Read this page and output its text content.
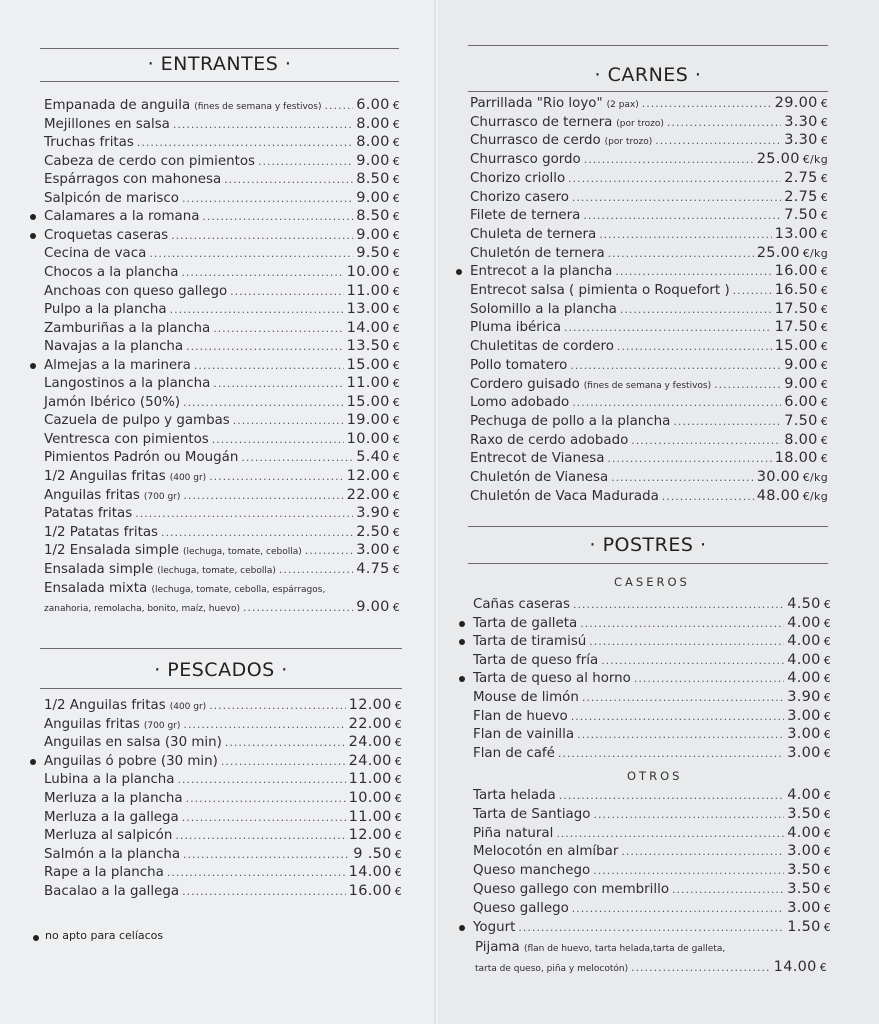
· ENTRANTES ·
Empanada de anguila (fines de semana y festivos) ..... 6.00 €
Mejillones en salsa .....	8.00 €
Truchas fritas .....	8.00 €
Cabeza de cerdo con pimientos .....	9.00 €
Espárragos con mahonesa .....	8.50 €
Salpicón de marisco .....	9.00 €
Calamares a la romana .....	8.50 €
Croquetas caseras .....	9.00 €
Cecina de vaca .....	9.50 €
Chocos a la plancha .....	10.00 €
Anchoas con queso gallego .....	11.00 €
Pulpo a la plancha .....	13.00 €
Zamburiñas a la plancha .....	14.00 €
Navajas a la plancha .....	13.50 €
Almejas a la marinera .....	15.00 €
Langostinos a la plancha .....	11.00 €
Jamón Ibérico (50%) .....	15.00 €
Cazuela de pulpo y gambas .....	19.00 €
Ventresca con pimientos .....	10.00 €
Pimientos Padrón ou Mougán .....	5.40 €
1/2 Anguilas fritas (400 gr) .....	12.00 €
Anguilas fritas (700 gr) .....	22.00 €
Patatas fritas .....	3.90 €
1/2 Patatas fritas .....	2.50 €
1/2 Ensalada simple (lechuga, tomate, cebolla) .....	3.00 €
Ensalada simple (lechuga, tomate, cebolla) .....	4.75 €
Ensalada mixta (lechuga, tomate, cebolla, espárragos,
zanahoria, remolacha, bonito, maíz, huevo) .....	9.00 €
· PESCADOS ·
1/2 Anguilas fritas (400 gr) .....	12.00 €
Anguilas fritas (700 gr) .....	22.00 €
Anguilas en salsa (30 min) .....	24.00 €
Anguilas ó pobre (30 min) .....	24.00 €
Lubina a la plancha .....	11.00 €
Merluza a la plancha .....	10.00 €
Merluza a la gallega .....	11.00 €
Merluza al salpicón .....	12.00 €
Salmón a la plancha .....	9 .50 €
Rape a la plancha .....	14.00 €
Bacalao a la gallega .....	16.00 €
no apto para celíacos
· CARNES ·
Parrillada "Rio loyo" (2 pax) .....	29.00 €
Churrasco de ternera (por trozo) .....	3.30 €
Churrasco de cerdo (por trozo) .....	3.30 €
Churrasco gordo .....	25.00 €/kg
Chorizo criollo .....	2.75 €
Chorizo casero .....	2.75 €
Filete de ternera .....	7.50 €
Chuleta de ternera .....	13.00 €
Chuletón de ternera .....	25.00 €/kg
Entrecot a la plancha .....	16.00 €
Entrecot salsa ( pimienta o Roquefort ) .....	16.50 €
Solomillo a la plancha .....	17.50 €
Pluma ibérica .....	17.50 €
Chuletitas de cordero .....	15.00 €
Pollo tomatero .....	9.00 €
Cordero guisado (fines de semana y festivos) .....	9.00 €
Lomo adobado .....	6.00 €
Pechuga de pollo a la plancha .....	7.50 €
Raxo de cerdo adobado .....	8.00 €
Entrecot de Vianesa .....	18.00 €
Chuletón de Vianesa .....	30.00 €/kg
Chuletón de Vaca Madurada .....	48.00 €/kg
· POSTRES ·
CASEROS
Cañas caseras .....	4.50 €
Tarta de galleta .....	4.00 €
Tarta de tiramisú .....	4.00 €
Tarta de queso fría .....	4.00 €
Tarta de queso al horno .....	4.00 €
Mouse de limón .....	3.90 €
Flan de huevo .....	3.00 €
Flan de vainilla .....	3.00 €
Flan de café .....	3.00 €
OTROS
Tarta helada .....	4.00 €
Tarta de Santiago .....	3.50 €
Piña natural .....	4.00 €
Melocotón en almíbar .....	3.00 €
Queso manchego .....	3.50 €
Queso gallego con membrillo .....	3.50 €
Queso gallego .....	3.00 €
Yogurt .....	1.50 €
Pijama (flan de huevo, tarta helada,tarta de galleta,
tarta de queso, piña y melocotón) .....	14.00 €
